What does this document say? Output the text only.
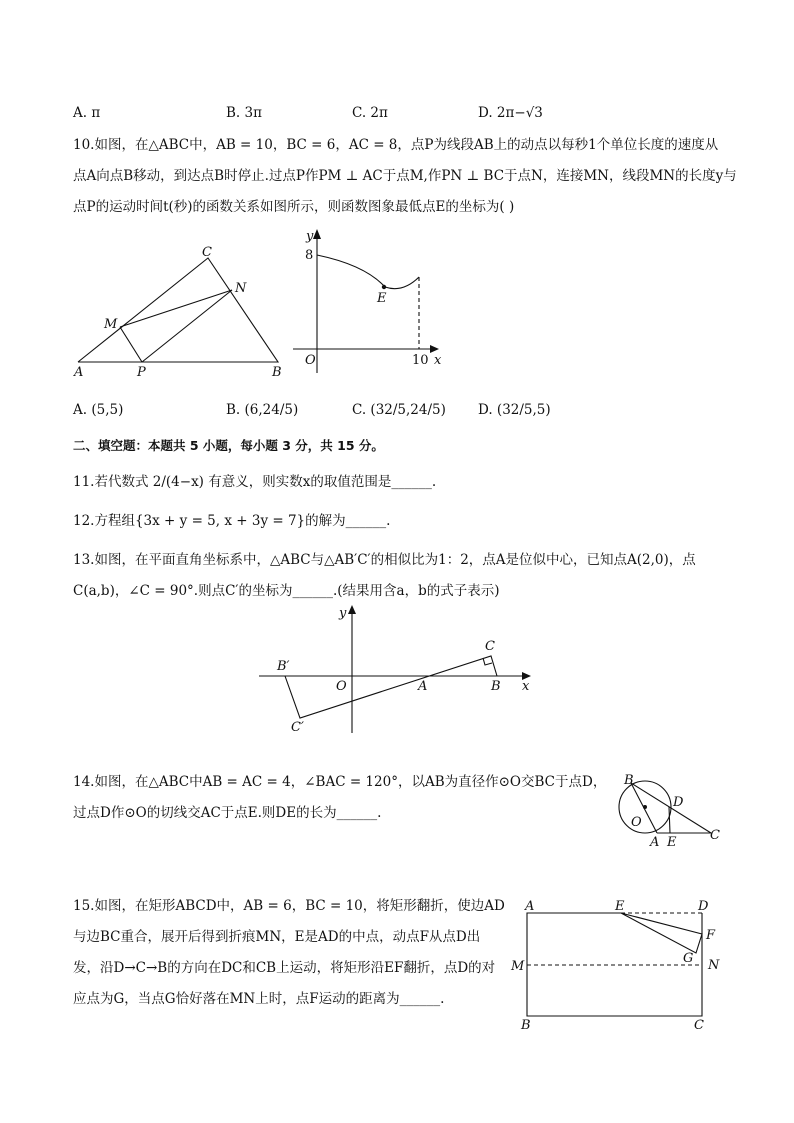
A. π	B. 3π	C. 2π	D. 2π−√3
10.如图，在△ABC中，AB = 10，BC = 6，AC = 8，点P为线段AB上的动点以每秒1个单位长度的速度从
点A向点B移动，到达点B时停止.过点P作PM ⊥ AC于点M,作PN ⊥ BC于点N，连接MN，线段MN的长度y与
点P的运动时间t(秒)的函数关系如图所示，则函数图象最低点E的坐标为( )
C
N
M
A	P	B
y
8
E
O	10 x
A. (5,5)	B. (6,24/5)	C. (32/5,24/5) D. (32/5,5)
二、填空题：本题共 5 小题，每小题 3 分，共 15 分。
11.若代数式 2/(4−x) 有意义，则实数x的取值范围是______.
12.方程组{3x + y = 5, x + 3y = 7}的解为______.
13.如图，在平面直角坐标系中，△ABC与△AB′C′的相似比为1：2，点A是位似中心，已知点A(2,0)，点
C(a,b)，∠C = 90°.则点C′的坐标为______.(结果用含a，b的式子表示)
y
B′
O	A	B
C
x
C′
14.如图，在△ABC中AB = AC = 4，∠BAC = 120°，以AB为直径作⊙O交BC于点D，
过点D作⊙O的切线交AC于点E.则DE的长为______.
B
D
O
A E	C
15.如图，在矩形ABCD中，AB = 6，BC = 10，将矩形翻折，使边AD
与边BC重合，展开后得到折痕MN，E是AD的中点，动点F从点D出
发，沿D→C→B的方向在DC和CB上运动，将矩形沿EF翻折，点D的对
应点为G，当点G恰好落在MN上时，点F运动的距离为______.
A	E	D
F
M
G N
B	C
